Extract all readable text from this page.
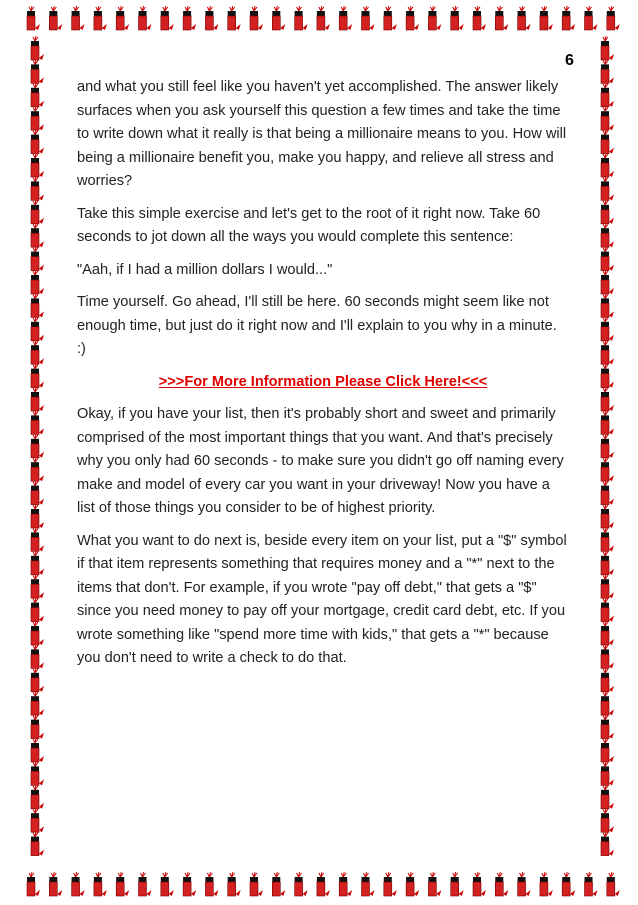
6

and what you still feel like you haven't yet accomplished. The answer likely surfaces when you ask yourself this question a few times and take the time to write down what it really is that being a millionaire means to you. How will being a millionaire benefit you, make you happy, and relieve all stress and worries?

Take this simple exercise and let's get to the root of it right now. Take 60 seconds to jot down all the ways you would complete this sentence:

"Aah, if I had a million dollars I would..."

Time yourself. Go ahead, I'll still be here. 60 seconds might seem like not enough time, but just do it right now and I'll explain to you why in a minute. :)

>>>For More Information Please Click Here!<<<

Okay, if you have your list, then it's probably short and sweet and primarily comprised of the most important things that you want. And that's precisely why you only had 60 seconds - to make sure you didn't go off naming every make and model of every car you want in your driveway! Now you have a list of those things you consider to be of highest priority.

What you want to do next is, beside every item on your list, put a "$" symbol if that item represents something that requires money and a "*" next to the items that don't. For example, if you wrote "pay off debt," that gets a "$" since you need money to pay off your mortgage, credit card debt, etc. If you wrote something like "spend more time with kids," that gets a "*" because you don't need to write a check to do that.
